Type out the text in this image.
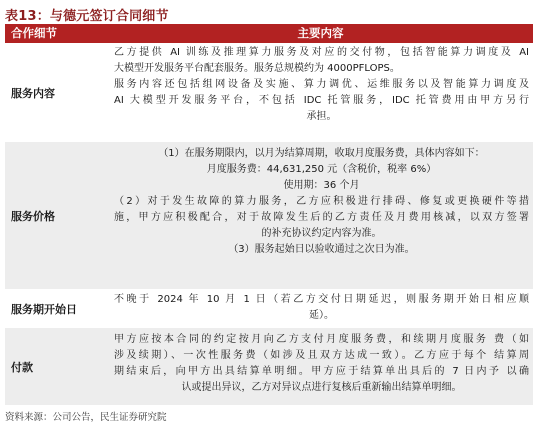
表13：与德元签订合同细节
合作细节	主要内容
服务内容
乙方提供 AI 训练及推理算力服务及对应的交付物，包括智能算力调度及 AI
大模型开发服务平台配套服务。服务总规模约为 4000PFLOPS。
服务内容还包括组网设备及实施、算力调优、运维服务以及智能算力调度及
AI 大模型开发服务平台，不包括 IDC 托管服务，IDC 托管费用由甲方另行
承担。
服务价格
（1）在服务期限内，以月为结算周期，收取月度服务费，具体内容如下：
月度服务费：44,631,250 元（含税价，税率 6%）
使用期：36 个月
（2）对于发生故障的算力服务，乙方应积极进行排碍、修复或更换硬件等措
施，甲方应积极配合，对于故障发生后的乙方责任及月费用核减，以双方签署
的补充协议约定内容为准。
（3）服务起始日以验收通过之次日为准。
服务期开始日
不晚于 2024 年 10 月 1 日（若乙方交付日期延迟，则服务期开始日相应顺
延）。
付款
甲方应按本合同的约定按月向乙方支付月度服务费，和续期月度服务 费（如
涉及续期）、一次性服务费（如涉及且双方达成一致）。乙方应于每个 结算周
期结束后，向甲方出具结算单明细。甲方应于结算单出具后的 7 日内予 以确
认或提出异议，乙方对异议点进行复核后重新输出结算单明细。
资料来源：公司公告，民生证券研究院
